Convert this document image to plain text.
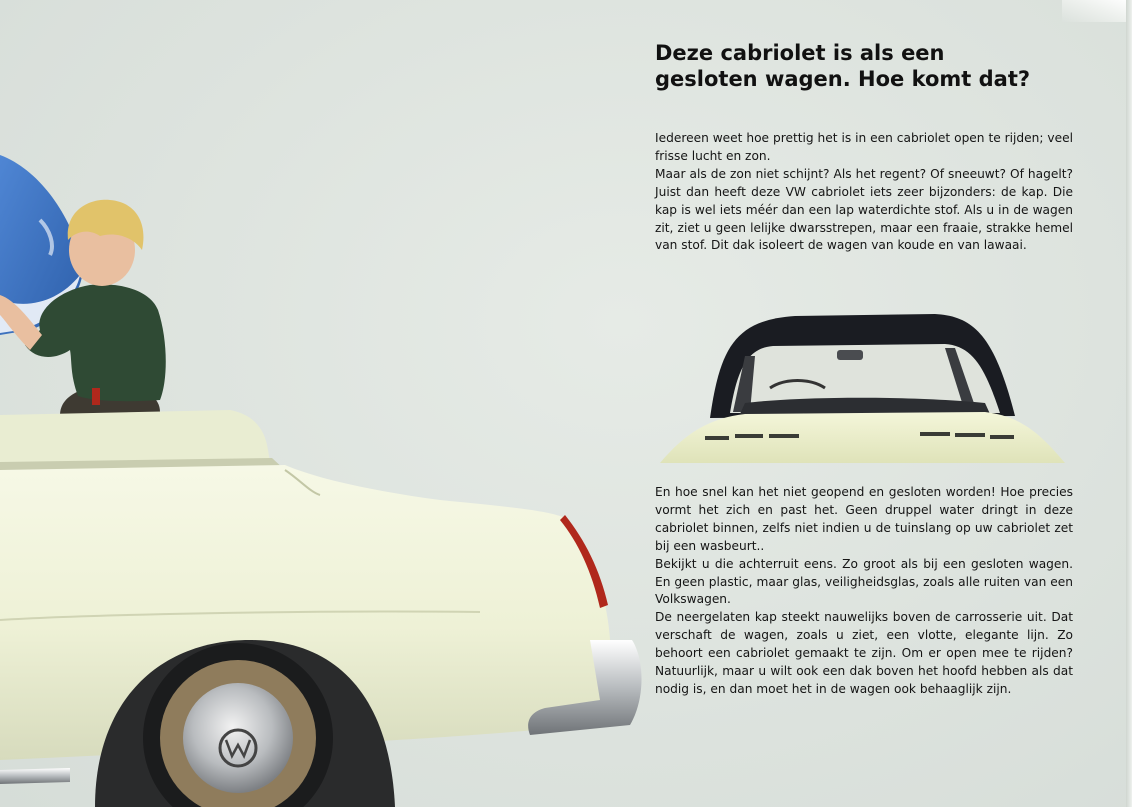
Deze cabriolet is als een
gesloten wagen. Hoe komt dat?

Iedereen weet hoe prettig het is in een cabriolet open te rijden; veel frisse lucht en zon.

Maar als de zon niet schijnt? Als het regent? Of sneeuwt? Of hagelt? Juist dan heeft deze VW cabriolet iets zeer bijzonders: de kap. Die kap is wel iets méér dan een lap waterdichte stof. Als u in de wagen zit, ziet u geen lelijke dwarsstrepen, maar een fraaie, strakke hemel van stof. Dit dak isoleert de wagen van koude en van lawaai.

En hoe snel kan het niet geopend en gesloten worden! Hoe precies vormt het zich en past het. Geen druppel water dringt in deze cabriolet binnen, zelfs niet indien u de tuinslang op uw cabriolet zet bij een wasbeurt..

Bekijkt u die achterruit eens. Zo groot als bij een gesloten wagen. En geen plastic, maar glas, veiligheidsglas, zoals alle ruiten van een Volkswagen.

De neergelaten kap steekt nauwelijks boven de carrosserie uit. Dat verschaft de wagen, zoals u ziet, een vlotte, elegante lijn. Zo behoort een cabriolet gemaakt te zijn. Om er open mee te rijden? Natuurlijk, maar u wilt ook een dak boven het hoofd hebben als dat nodig is, en dan moet het in de wagen ook behaaglijk zijn.
